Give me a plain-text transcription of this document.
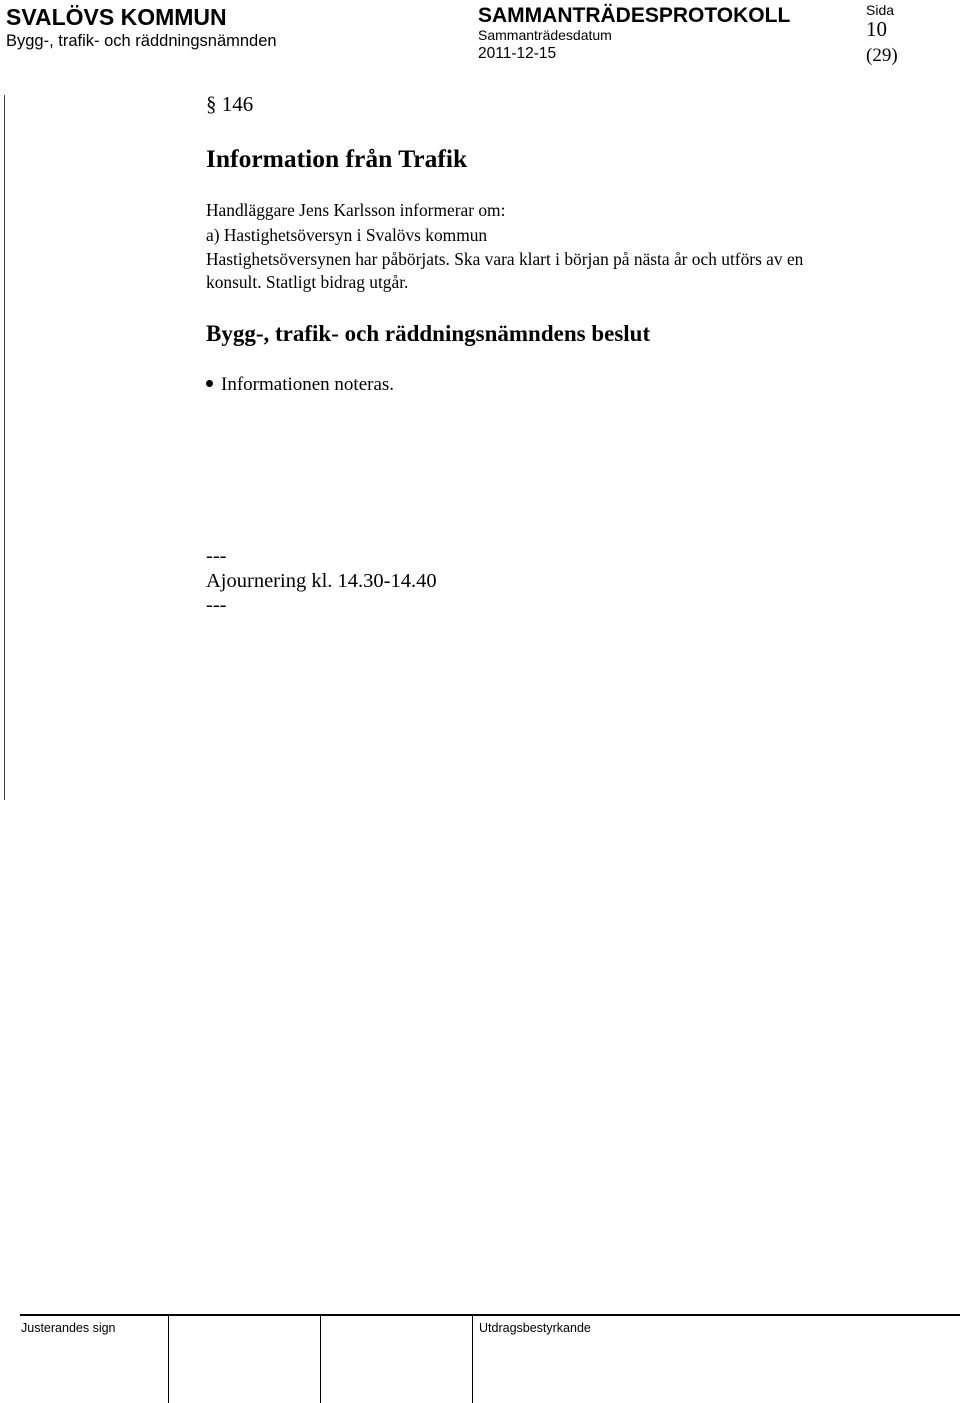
SVALÖVS KOMMUN
Bygg-, trafik- och räddningsnämnden
SAMMANTRÄDESPROTOKOLL
Sammanträdesdatum
2011-12-15
Sida
10
(29)
§ 146
Information från Trafik
Handläggare Jens Karlsson informerar om:
a) Hastighetsöversyn i Svalövs kommun
Hastighetsöversynen har påbörjats. Ska vara klart i början på nästa år och utförs av en
konsult. Statligt bidrag utgår.
Bygg-, trafik- och räddningsnämndens beslut
Informationen noteras.
---
Ajournering kl. 14.30-14.40
---
Justerandes sign	Utdragsbestyrkande
